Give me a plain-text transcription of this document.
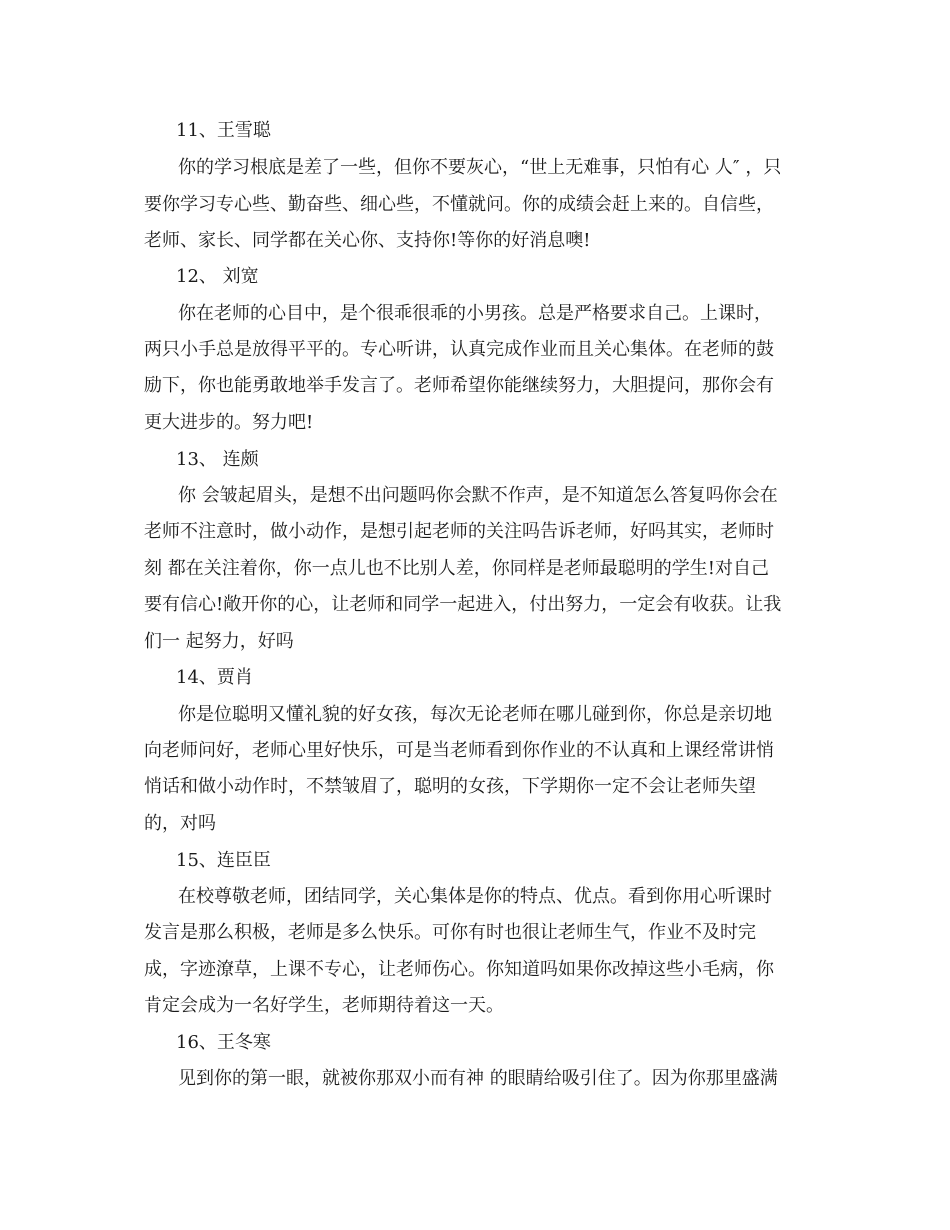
11、王雪聪
你的学习根底是差了一些，但你不要灰心，“世上无难事，只怕有心 人″ ，只
要你学习专心些、勤奋些、细心些，不懂就问。你的成绩会赶上来的。自信些，
老师、家长、同学都在关心你、支持你!等你的好消息噢!
12、 刘宽
你在老师的心目中，是个很乖很乖的小男孩。总是严格要求自己。上课时，
两只小手总是放得平平的。专心听讲，认真完成作业而且关心集体。在老师的鼓
励下，你也能勇敢地举手发言了。老师希望你能继续努力，大胆提问，那你会有
更大进步的。努力吧!
13、 连颇
你 会皱起眉头，是想不出问题吗你会默不作声，是不知道怎么答复吗你会在
老师不注意时，做小动作，是想引起老师的关注吗告诉老师，好吗其实，老师时
刻 都在关注着你，你一点儿也不比别人差，你同样是老师最聪明的学生!对自己
要有信心!敞开你的心，让老师和同学一起进入，付出努力，一定会有收获。让我
们一 起努力，好吗
14、贾肖
你是位聪明又懂礼貌的好女孩，每次无论老师在哪儿碰到你，你总是亲切地
向老师问好，老师心里好快乐，可是当老师看到你作业的不认真和上课经常讲悄
悄话和做小动作时，不禁皱眉了，聪明的女孩，下学期你一定不会让老师失望
的，对吗
15、连臣臣
在校尊敬老师，团结同学，关心集体是你的特点、优点。看到你用心听课时
发言是那么积极，老师是多么快乐。可你有时也很让老师生气，作业不及时完
成，字迹潦草，上课不专心，让老师伤心。你知道吗如果你改掉这些小毛病，你
肯定会成为一名好学生，老师期待着这一天。
16、王冬寒
见到你的第一眼，就被你那双小而有神 的眼睛给吸引住了。因为你那里盛满
